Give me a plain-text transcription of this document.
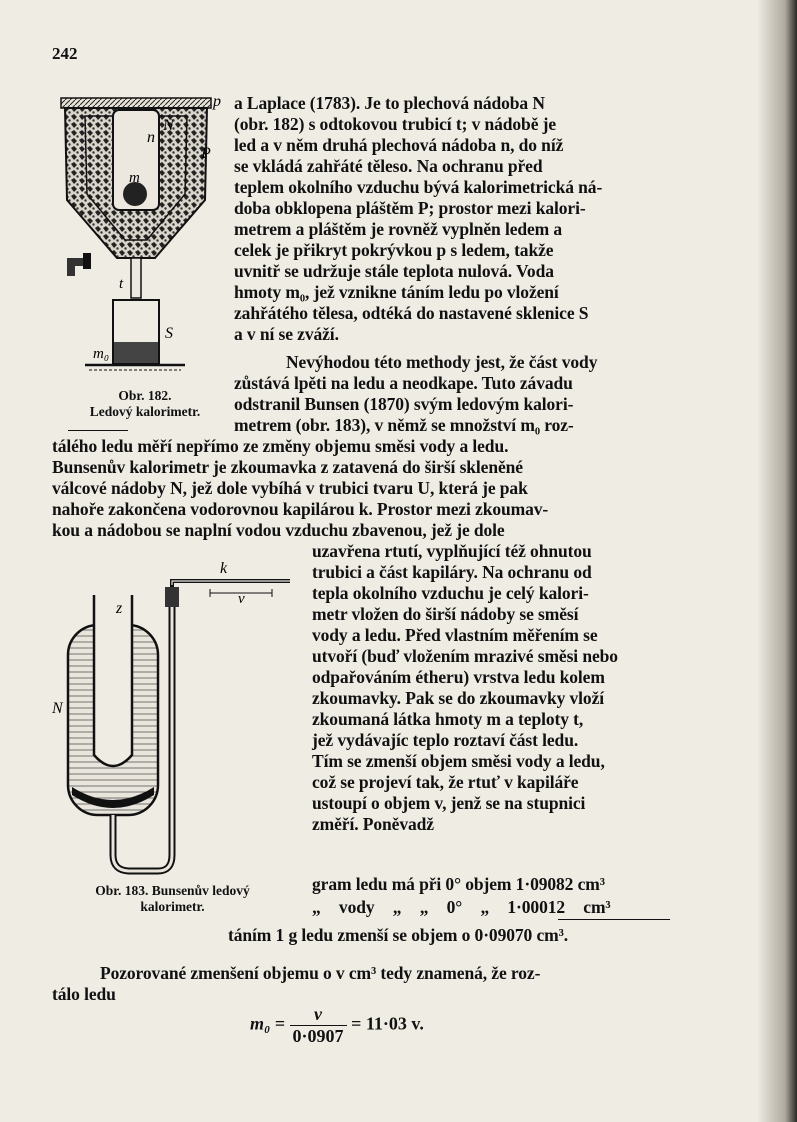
242
p
n
N
P
m
t
S
m₀
Obr. 182.
Ledový kalorimetr.
a Laplace (1783). Je to plechová nádoba N
(obr. 182) s odtokovou trubicí t; v nádobě je
led a v něm druhá plechová nádoba n, do níž
se vkládá zahřáté těleso. Na ochranu před
teplem okolního vzduchu bývá kalorimetrická ná-
doba obklopena pláštěm P; prostor mezi kalori-
metrem a pláštěm je rovněž vyplněn ledem a
celek je přikryt pokrývkou p s ledem, takže
uvnitř se udržuje stále teplota nulová. Voda
hmoty m₀, jež vznikne táním ledu po vložení
zahřátého tělesa, odtéká do nastavené sklenice S
a v ní se zváží.
Nevýhodou této methody jest, že část vody
zůstává lpěti na ledu a neodkape. Tuto závadu
odstranil Bunsen (1870) svým ledovým kalori-
metrem (obr. 183), v němž se množství m₀ roz-
tálého ledu měří nepřímo ze změny objemu směsi vody a ledu.
Bunsenův kalorimetr je zkoumavka z zatavená do širší skleněné
válcové nádoby N, jež dole vybíhá v trubici tvaru U, která je pak
nahoře zakončena vodorovnou kapilárou k. Prostor mezi zkoumav-
kou a nádobou se naplní vodou vzduchu zbavenou, jež je dole
k
v
z
N
uzavřena rtutí, vyplňující též ohnutou
trubici a část kapiláry. Na ochranu od
tepla okolního vzduchu je celý kalori-
metr vložen do širší nádoby se směsí
vody a ledu. Před vlastním měřením se
utvoří (buď vložením mrazivé směsi nebo
odpařováním étheru) vrstva ledu kolem
zkoumavky. Pak se do zkoumavky vloží
zkoumaná látka hmoty m a teploty t,
jež vydávajíc teplo roztaví část ledu.
Tím se zmenší objem směsi vody a ledu,
což se projeví tak, že rtuť v kapiláře
ustoupí o objem v, jenž se na stupnici
změří. Poněvadž
Obr. 183. Bunsenův ledový
kalorimetr.
gram ledu má při 0° objem 1·09082 cm³
„ vody „ „ 0° „ 1·00012 cm³
táním 1 g ledu zmenší se objem o 0·09070 cm³.
Pozorované zmenšení objemu o v cm³ tedy znamená, že roz-
tálo ledu
$m_0 = \frac{v}{0\cdot 0907} = 11\cdot 03$ v.
